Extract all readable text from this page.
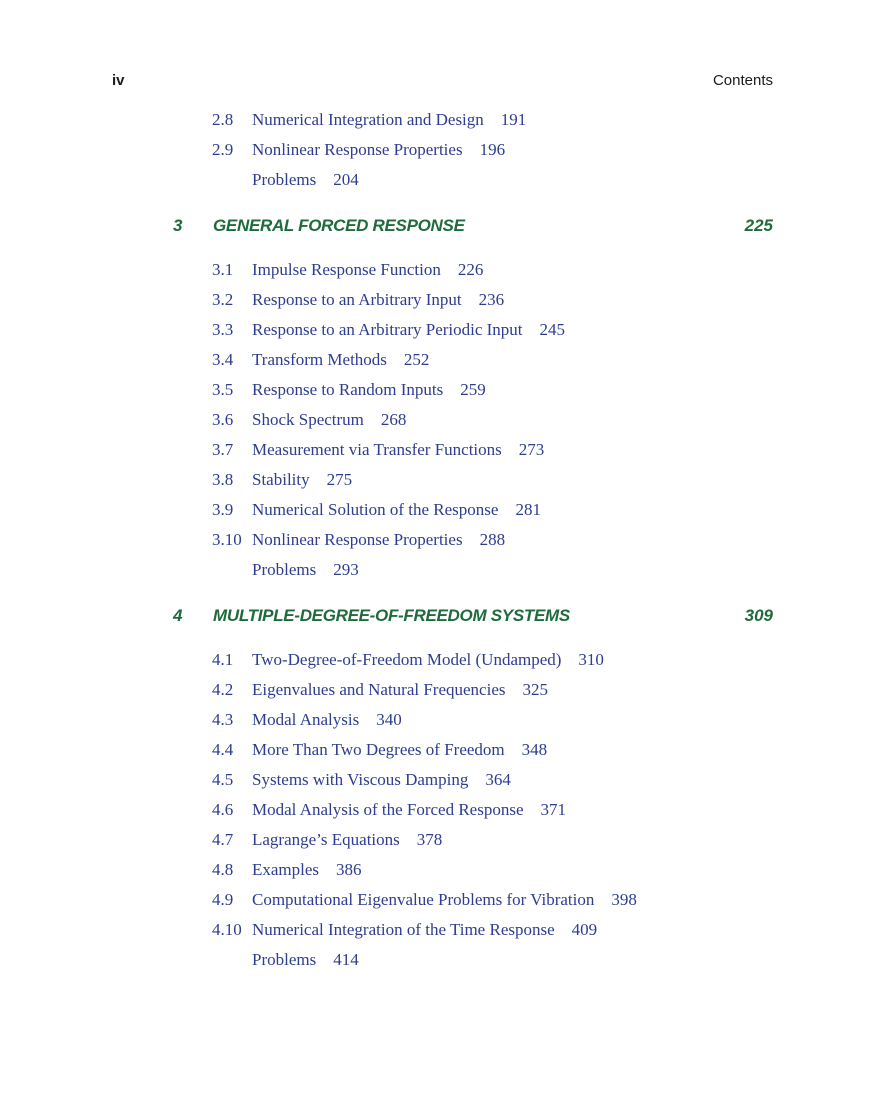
iv	Contents
2.8 Numerical Integration and Design 191
2.9 Nonlinear Response Properties 196
Problems 204
3 GENERAL FORCED RESPONSE	225
3.1 Impulse Response Function 226
3.2 Response to an Arbitrary Input 236
3.3 Response to an Arbitrary Periodic Input 245
3.4 Transform Methods 252
3.5 Response to Random Inputs 259
3.6 Shock Spectrum 268
3.7 Measurement via Transfer Functions 273
3.8 Stability 275
3.9 Numerical Solution of the Response 281
3.10 Nonlinear Response Properties 288
Problems 293
4 MULTIPLE-DEGREE-OF-FREEDOM SYSTEMS	309
4.1 Two-Degree-of-Freedom Model (Undamped) 310
4.2 Eigenvalues and Natural Frequencies 325
4.3 Modal Analysis 340
4.4 More Than Two Degrees of Freedom 348
4.5 Systems with Viscous Damping 364
4.6 Modal Analysis of the Forced Response 371
4.7 Lagrange’s Equations 378
4.8 Examples 386
4.9 Computational Eigenvalue Problems for Vibration 398
4.10 Numerical Integration of the Time Response 409
Problems 414
